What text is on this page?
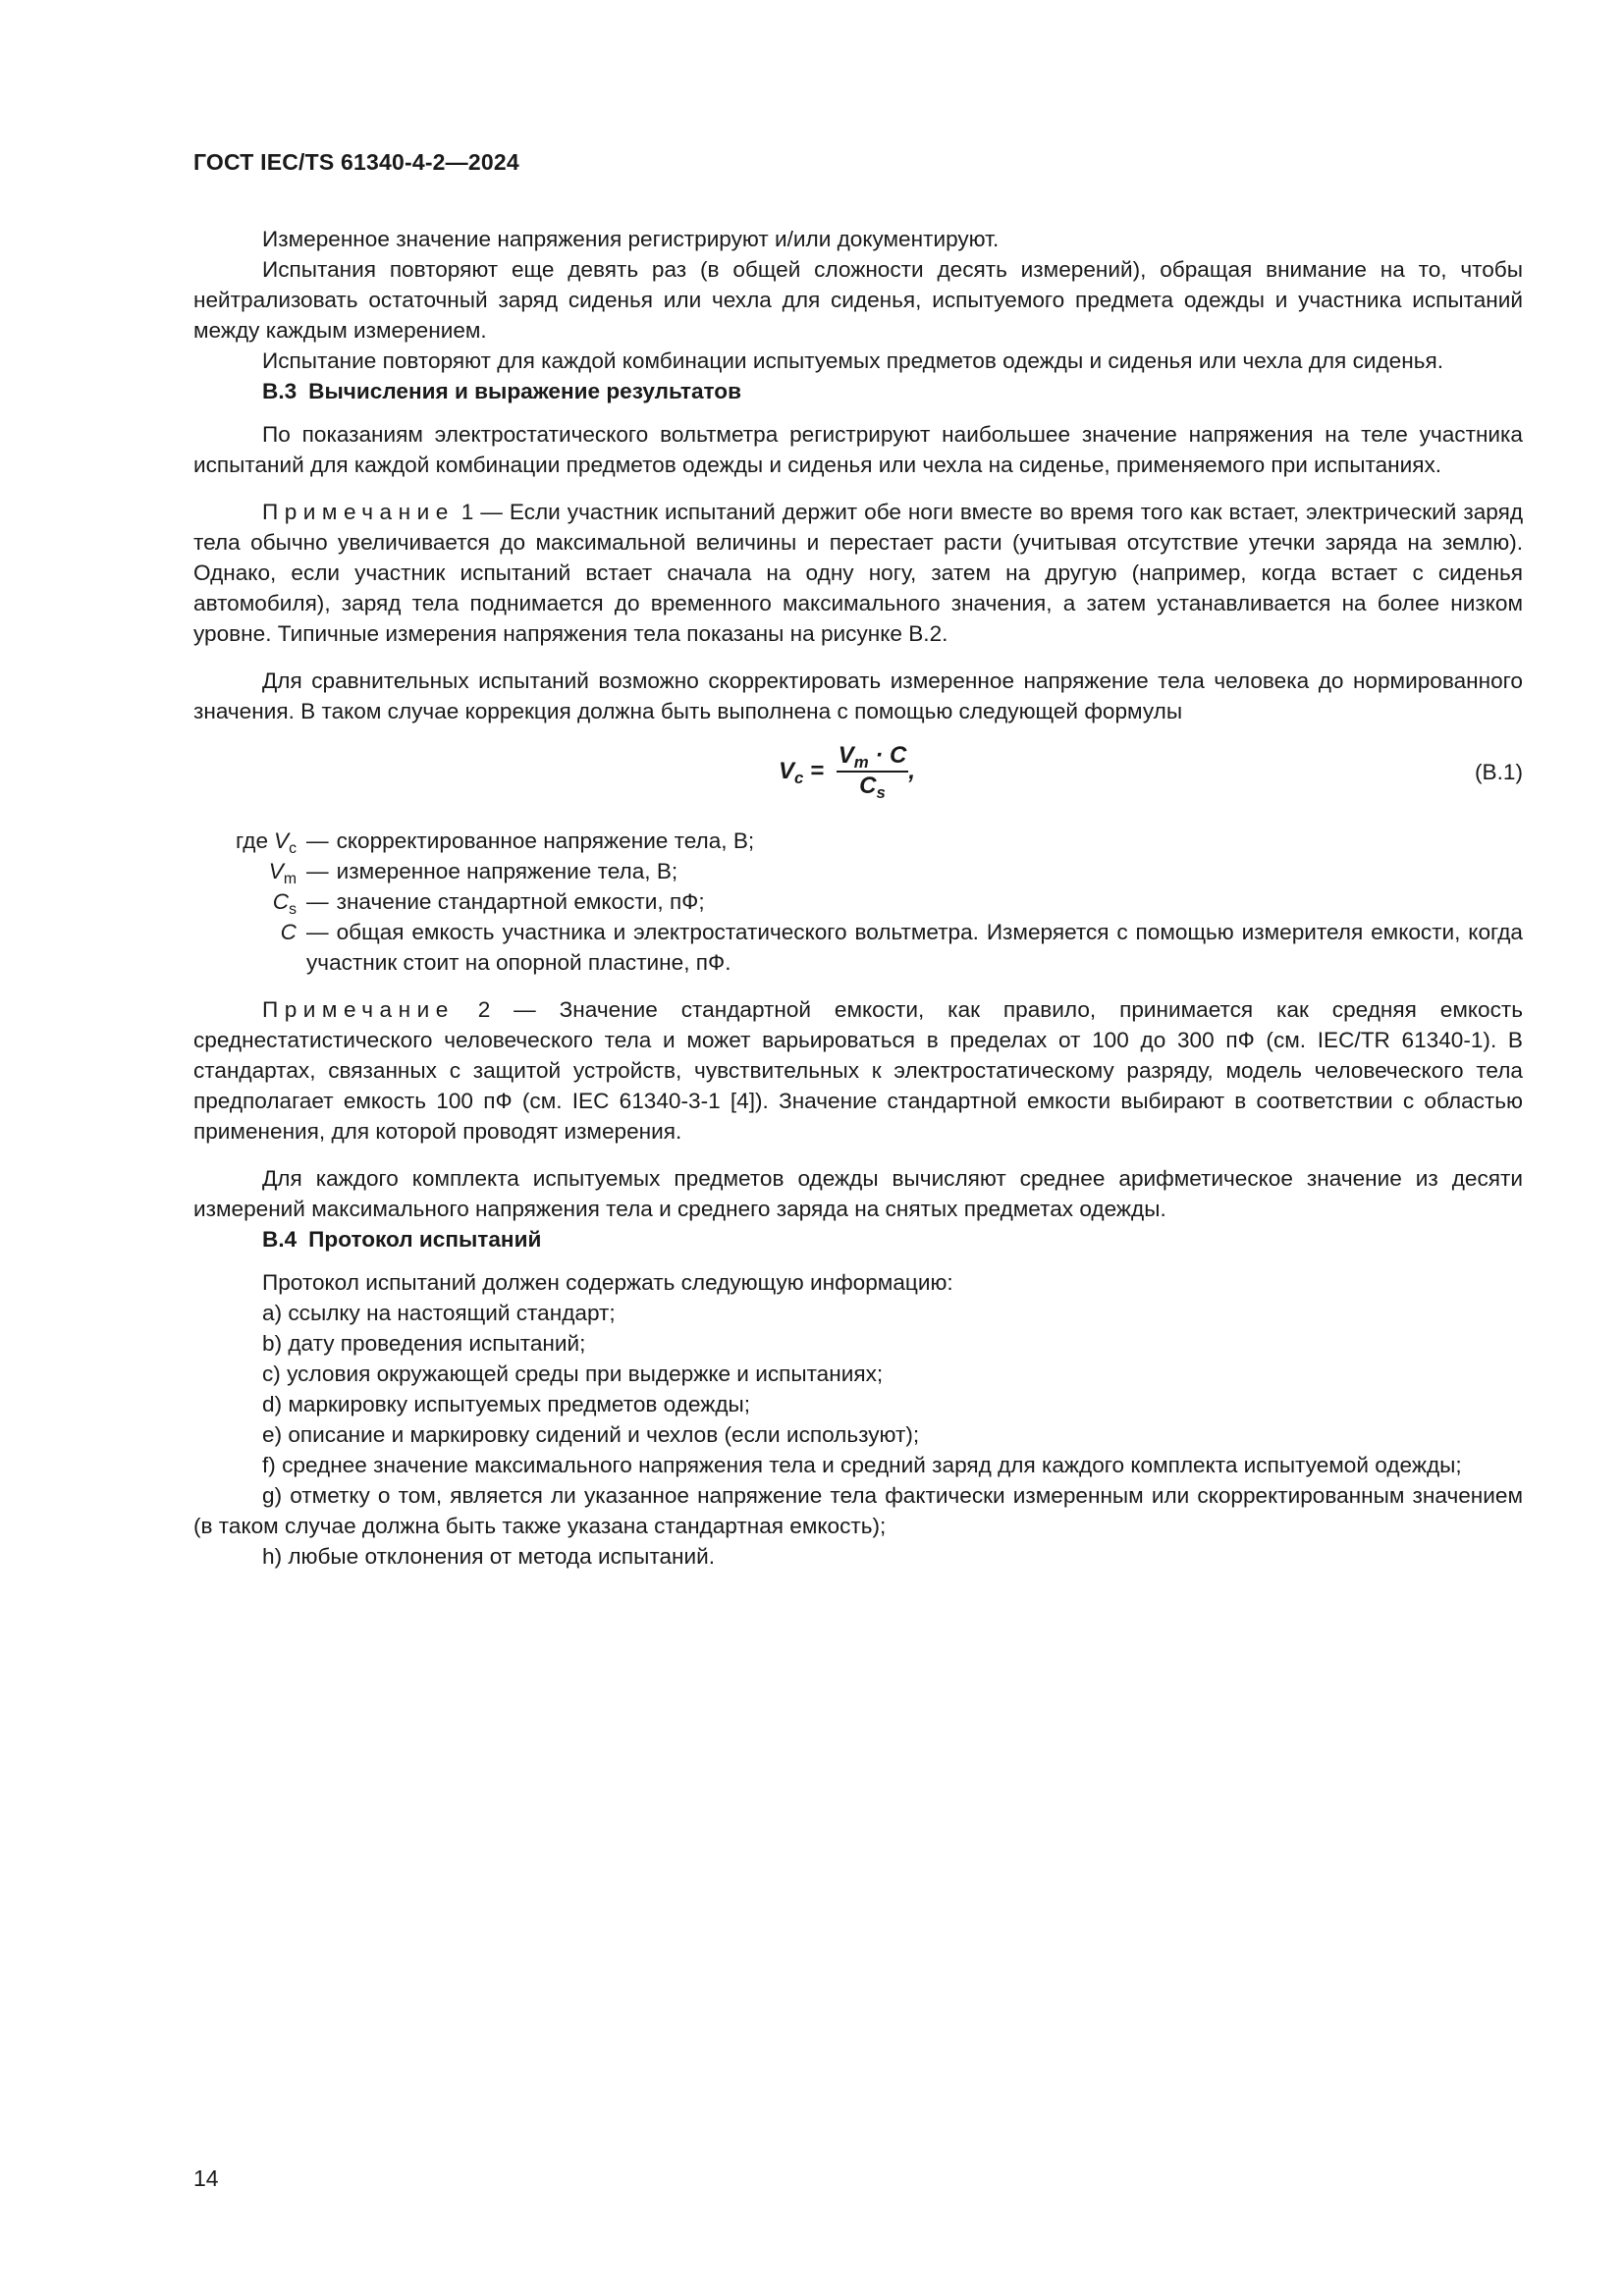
ГОСТ IEC/TS 61340-4-2—2024

Измеренное значение напряжения регистрируют и/или документируют.

Испытания повторяют еще девять раз (в общей сложности десять измерений), обращая внимание на то, чтобы нейтрализовать остаточный заряд сиденья или чехла для сиденья, испытуемого предмета одежды и участника испытаний между каждым измерением.

Испытание повторяют для каждой комбинации испытуемых предметов одежды и сиденья или чехла для сиденья.

B.3 Вычисления и выражение результатов

По показаниям электростатического вольтметра регистрируют наибольшее значение напряжения на теле участника испытаний для каждой комбинации предметов одежды и сиденья или чехла на сиденье, применяемого при испытаниях.

Примечание 1 — Если участник испытаний держит обе ноги вместе во время того как встает, электрический заряд тела обычно увеличивается до максимальной величины и перестает расти (учитывая отсутствие утечки заряда на землю). Однако, если участник испытаний встает сначала на одну ногу, затем на другую (например, когда встает с сиденья автомобиля), заряд тела поднимается до временного максимального значения, а затем устанавливается на более низком уровне. Типичные измерения напряжения тела показаны на рисунке B.2.

Для сравнительных испытаний возможно скорректировать измеренное напряжение тела человека до нормированного значения. В таком случае коррекция должна быть выполнена с помощью следующей формулы

$V_c = \frac{V_m \cdot C}{C_s}$ ,	(B.1)
где $V_c$ — скорректированное напряжение тела, В;
$V_m$ — измеренное напряжение тела, В;
$C_s$ — значение стандартной емкости, пФ;
C — общая емкость участника и электростатического вольтметра. Измеряется с помощью измерителя емкости, когда участник стоит на опорной пластине, пФ.

Примечание 2 — Значение стандартной емкости, как правило, принимается как средняя емкость среднестатистического человеческого тела и может варьироваться в пределах от 100 до 300 пФ (см. IEC/TR 61340-1). В стандартах, связанных с защитой устройств, чувствительных к электростатическому разряду, модель человеческого тела предполагает емкость 100 пФ (см. IEC 61340-3-1 [4]). Значение стандартной емкости выбирают в соответствии с областью применения, для которой проводят измерения.

Для каждого комплекта испытуемых предметов одежды вычисляют среднее арифметическое значение из десяти измерений максимального напряжения тела и среднего заряда на снятых предметах одежды.

B.4 Протокол испытаний

Протокол испытаний должен содержать следующую информацию:

a) ссылку на настоящий стандарт;

b) дату проведения испытаний;

c) условия окружающей среды при выдержке и испытаниях;

d) маркировку испытуемых предметов одежды;

e) описание и маркировку сидений и чехлов (если используют);

f) среднее значение максимального напряжения тела и средний заряд для каждого комплекта испытуемой одежды;

g) отметку о том, является ли указанное напряжение тела фактически измеренным или скорректированным значением (в таком случае должна быть также указана стандартная емкость);

h) любые отклонения от метода испытаний.

14
